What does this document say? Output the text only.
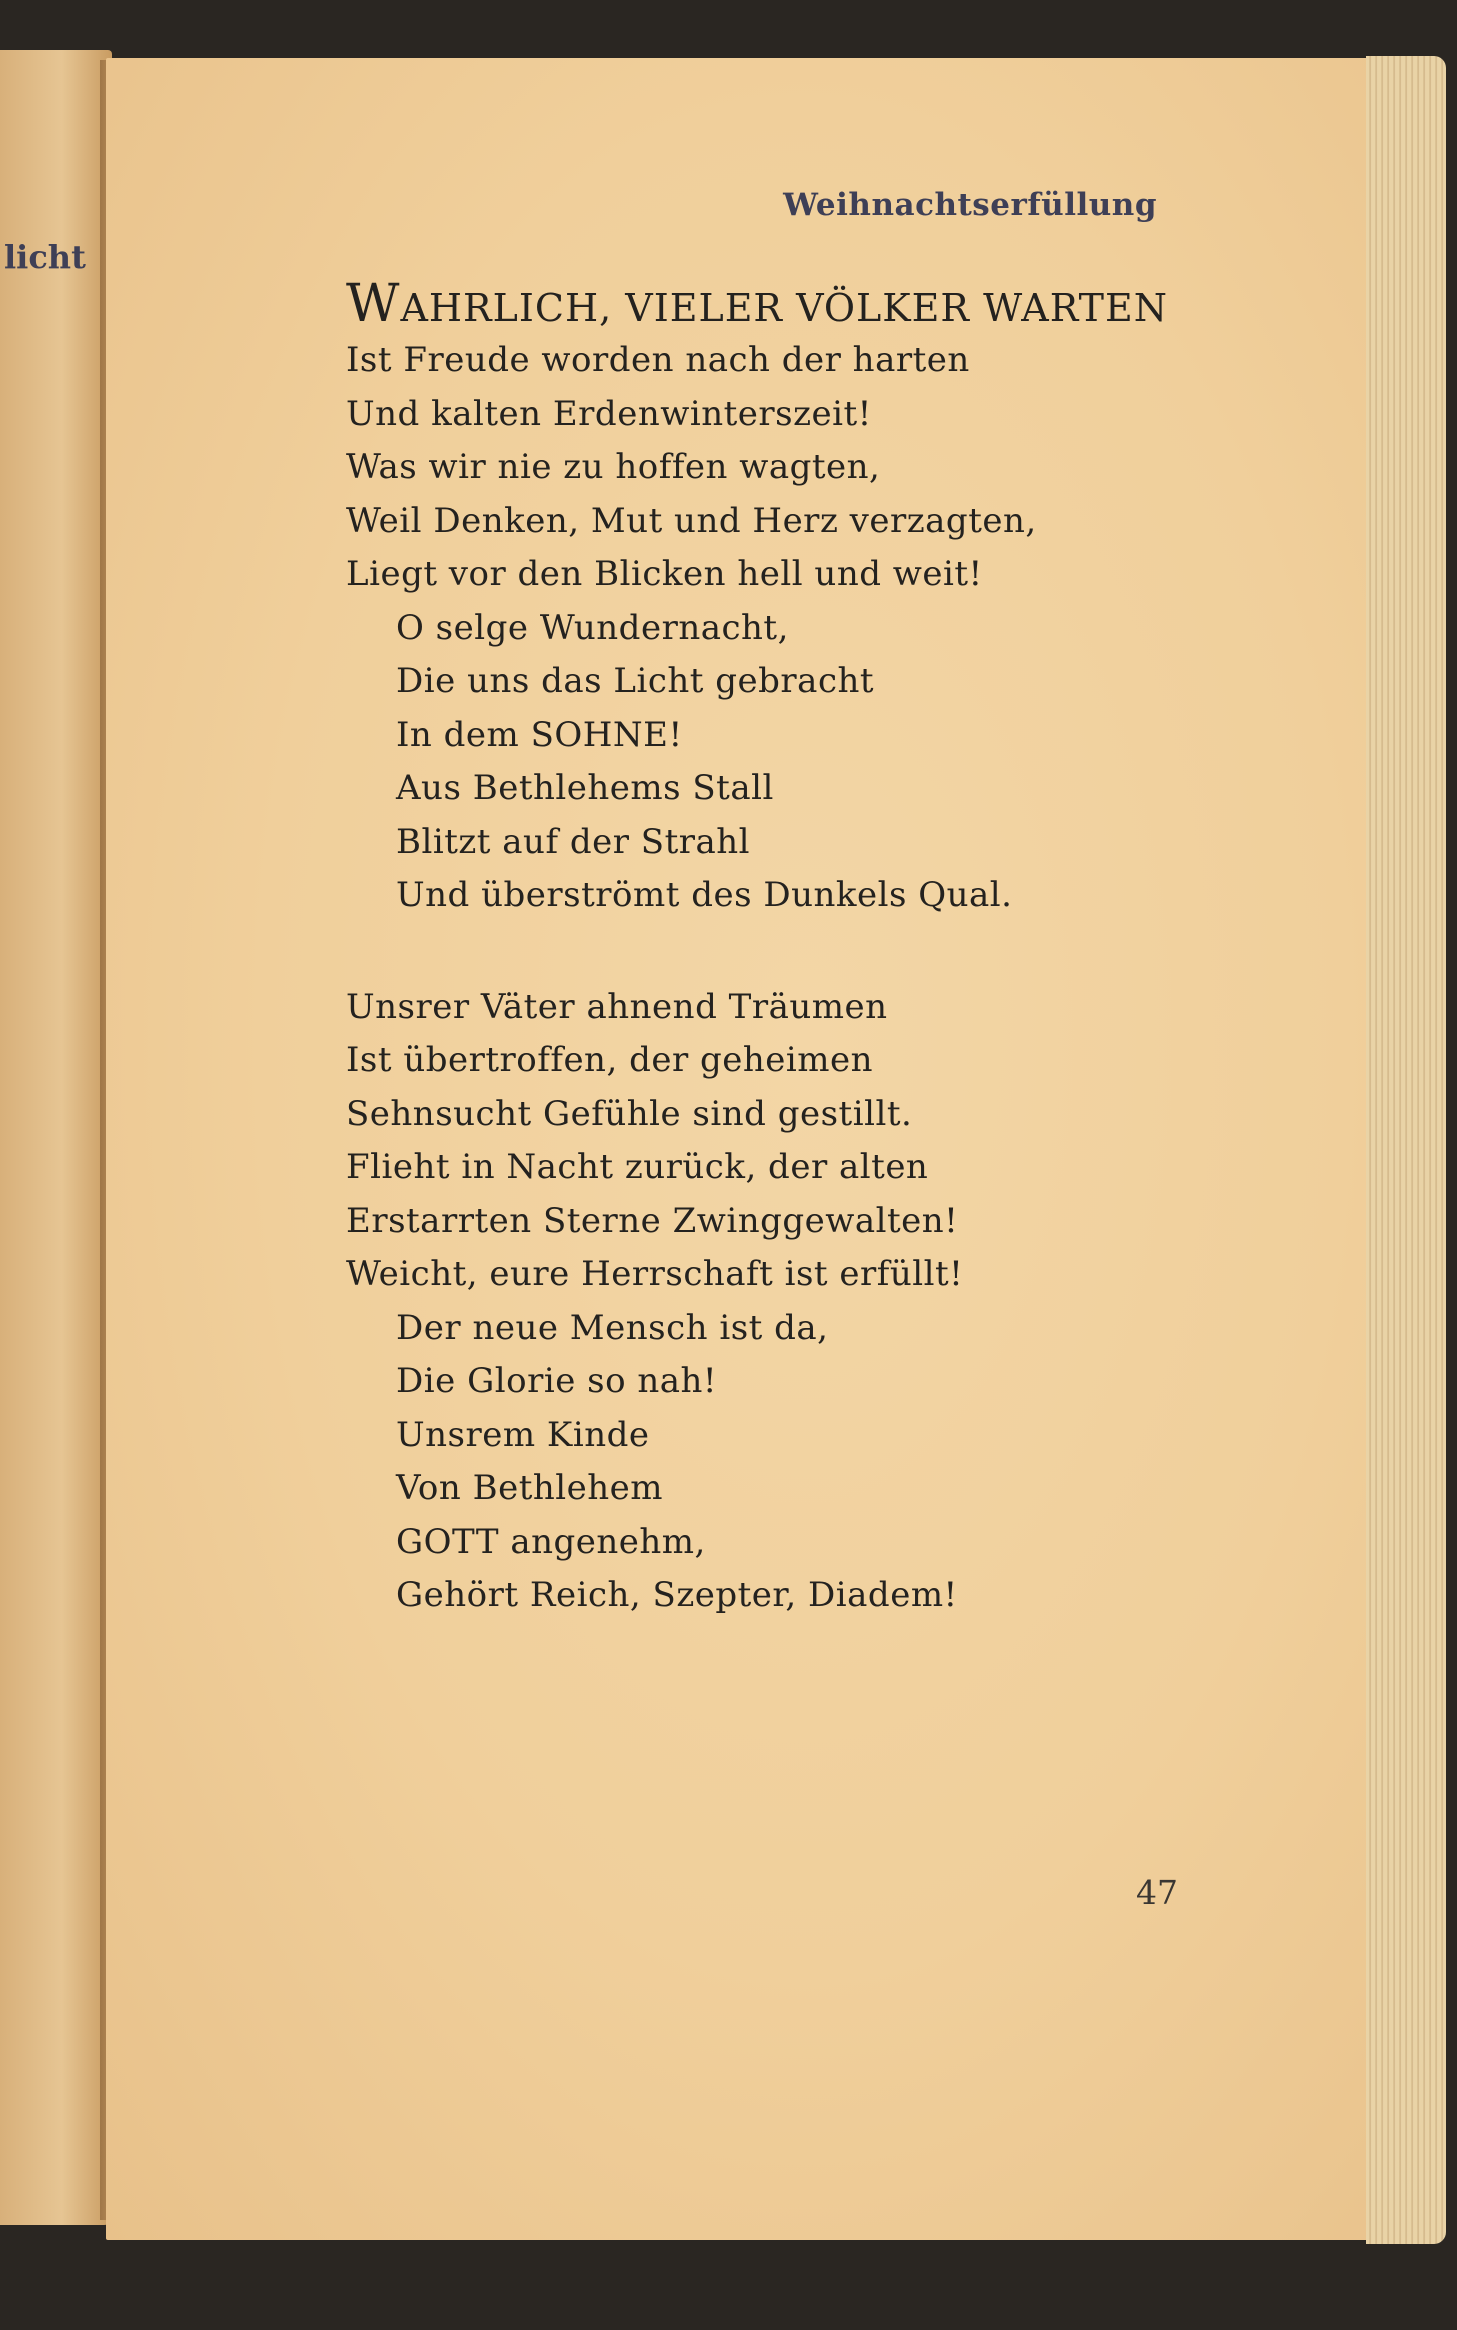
licht
Weihnachtserfüllung
WAHRLICH, VIELER VÖLKER WARTEN
Ist Freude worden nach der harten
Und kalten Erdenwinterszeit!
Was wir nie zu hoffen wagten,
Weil Denken, Mut und Herz verzagten,
Liegt vor den Blicken hell und weit!
O selge Wundernacht,
Die uns das Licht gebracht
In dem SOHNE!
Aus Bethlehems Stall
Blitzt auf der Strahl
Und überströmt des Dunkels Qual.
Unsrer Väter ahnend Träumen
Ist übertroffen, der geheimen
Sehnsucht Gefühle sind gestillt.
Flieht in Nacht zurück, der alten
Erstarrten Sterne Zwinggewalten!
Weicht, eure Herrschaft ist erfüllt!
Der neue Mensch ist da,
Die Glorie so nah!
Unsrem Kinde
Von Bethlehem
GOTT angenehm,
Gehört Reich, Szepter, Diadem!
47
